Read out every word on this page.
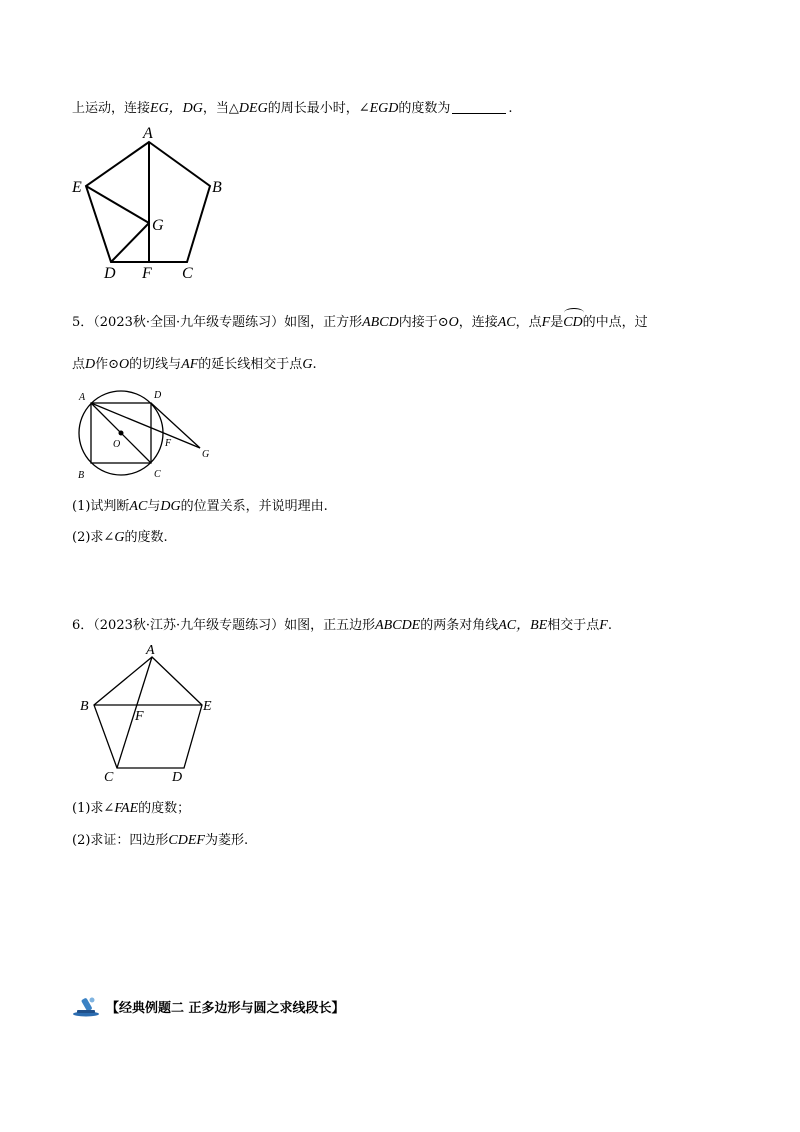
上运动，连接EG，DG，当△DEG的周长最小时，∠EGD的度数为	.
A
B
C
D
E
F
G
5．（2023秋·全国·九年级专题练习）如图，正方形ABCD内接于⊙O，连接AC，点F是
CD的中点，过
点D作⊙O的切线与AF的延长线相交于点G.
A
B	C
D
O	F
G
(1)试判断AC与DG的位置关系，并说明理由.
(2)求∠G的度数.
6．（2023秋·江苏·九年级专题练习）如图，正五边形ABCDE的两条对角线AC，BE相交于点F.
A
B
C	D
E
F
(1)求∠FAE的度数；
(2)求证：四边形CDEF为菱形.
【经典例题二 正多边形与圆之求线段长】
